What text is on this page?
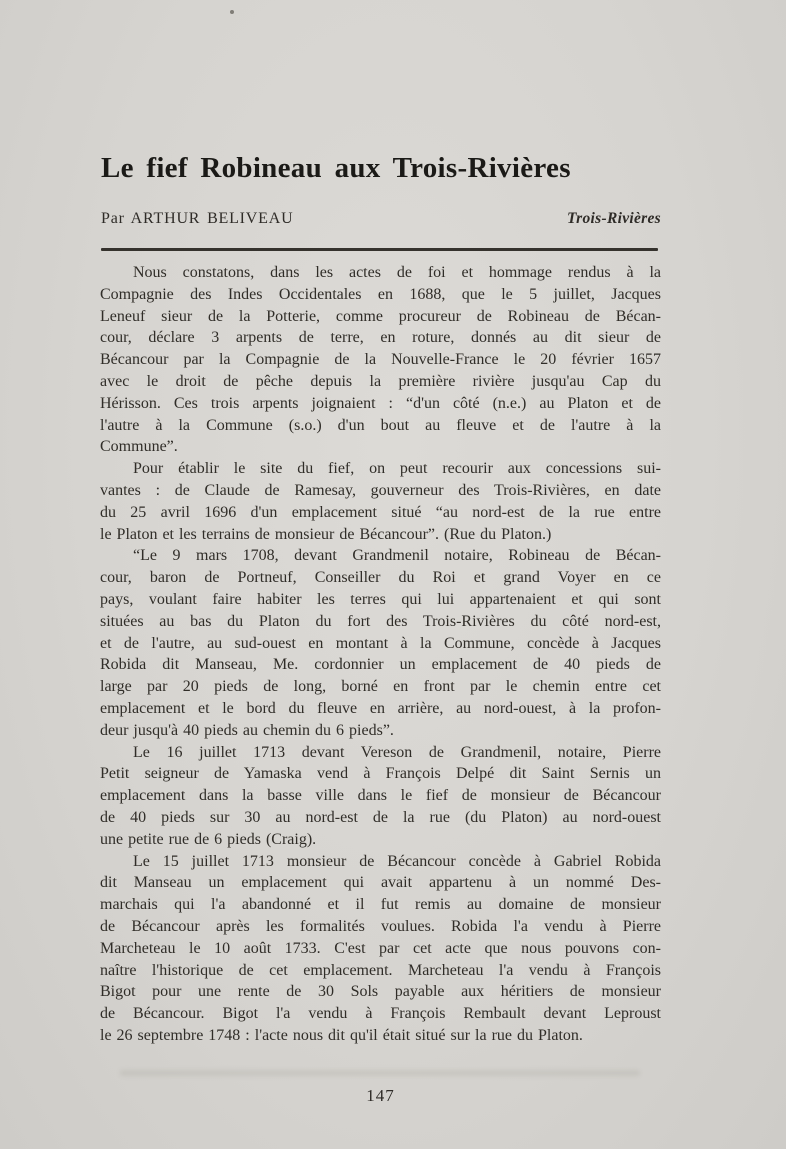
Le fief Robineau aux Trois-Rivières
Par ARTHUR BELIVEAU	Trois-Rivières
Nous constatons, dans les actes de foi et hommage rendus à la
Compagnie des Indes Occidentales en 1688, que le 5 juillet, Jacques
Leneuf sieur de la Potterie, comme procureur de Robineau de Bécan-
cour, déclare 3 arpents de terre, en roture, donnés au dit sieur de
Bécancour par la Compagnie de la Nouvelle-France le 20 février 1657
avec le droit de pêche depuis la première rivière jusqu'au Cap du
Hérisson. Ces trois arpents joignaient : “d'un côté (n.e.) au Platon et de
l'autre à la Commune (s.o.) d'un bout au fleuve et de l'autre à la
Commune”.
Pour établir le site du fief, on peut recourir aux concessions sui-
vantes : de Claude de Ramesay, gouverneur des Trois-Rivières, en date
du 25 avril 1696 d'un emplacement situé “au nord-est de la rue entre
le Platon et les terrains de monsieur de Bécancour”. (Rue du Platon.)
“Le 9 mars 1708, devant Grandmenil notaire, Robineau de Bécan-
cour, baron de Portneuf, Conseiller du Roi et grand Voyer en ce
pays, voulant faire habiter les terres qui lui appartenaient et qui sont
situées au bas du Platon du fort des Trois-Rivières du côté nord-est,
et de l'autre, au sud-ouest en montant à la Commune, concède à Jacques
Robida dit Manseau, Me. cordonnier un emplacement de 40 pieds de
large par 20 pieds de long, borné en front par le chemin entre cet
emplacement et le bord du fleuve en arrière, au nord-ouest, à la profon-
deur jusqu'à 40 pieds au chemin du 6 pieds”.
Le 16 juillet 1713 devant Vereson de Grandmenil, notaire, Pierre
Petit seigneur de Yamaska vend à François Delpé dit Saint Sernis un
emplacement dans la basse ville dans le fief de monsieur de Bécancour
de 40 pieds sur 30 au nord-est de la rue (du Platon) au nord-ouest
une petite rue de 6 pieds (Craig).
Le 15 juillet 1713 monsieur de Bécancour concède à Gabriel Robida
dit Manseau un emplacement qui avait appartenu à un nommé Des-
marchais qui l'a abandonné et il fut remis au domaine de monsieur
de Bécancour après les formalités voulues. Robida l'a vendu à Pierre
Marcheteau le 10 août 1733. C'est par cet acte que nous pouvons con-
naître l'historique de cet emplacement. Marcheteau l'a vendu à François
Bigot pour une rente de 30 Sols payable aux héritiers de monsieur
de Bécancour. Bigot l'a vendu à François Rembault devant Leproust
le 26 septembre 1748 : l'acte nous dit qu'il était situé sur la rue du Platon.
147
